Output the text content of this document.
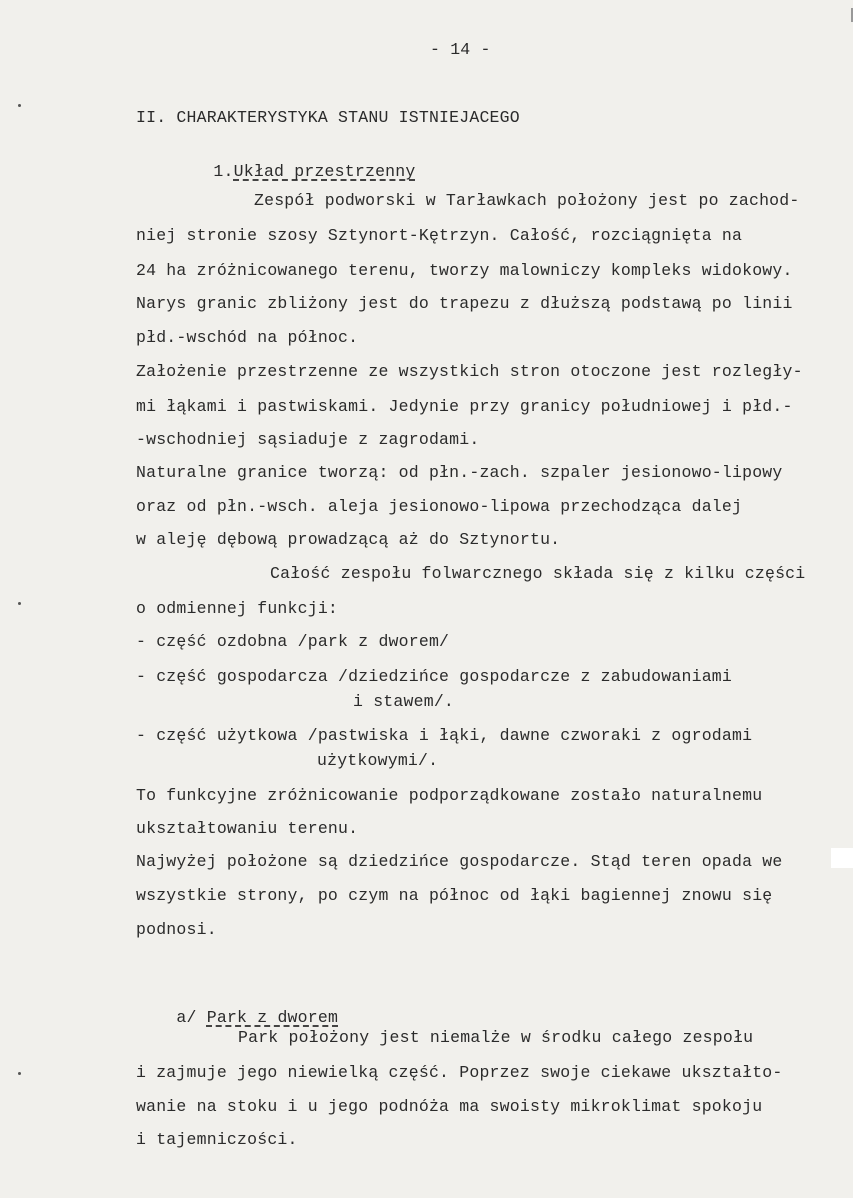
- 14 -
II. CHARAKTERYSTYKA STANU ISTNIEJACEGO

1.Układ przestrzenny

Zespół podworski w Tarławkach położony jest po zachod-
niej stronie szosy Sztynort-Kętrzyn. Całość, rozciągnięta na
24 ha zróżnicowanego terenu, tworzy malowniczy kompleks widokowy.
Narys granic zbliżony jest do trapezu z dłuższą podstawą po linii
płd.-wschód na północ.
Założenie przestrzenne ze wszystkich stron otoczone jest rozległy-
mi łąkami i pastwiskami. Jedynie przy granicy południowej i płd.-
-wschodniej sąsiaduje z zagrodami.
Naturalne granice tworzą: od płn.-zach. szpaler jesionowo-lipowy
oraz od płn.-wsch. aleja jesionowo-lipowa przechodząca dalej
w aleję dębową prowadzącą aż do Sztynortu.
Całość zespołu folwarcznego składa się z kilku części
o odmiennej funkcji:
- część ozdobna /park z dworem/
- część gospodarcza /dziedzińce gospodarcze z zabudowaniami
i stawem/.
- część użytkowa /pastwiska i łąki, dawne czworaki z ogrodami
użytkowymi/.
To funkcyjne zróżnicowanie podporządkowane zostało naturalnemu
ukształtowaniu terenu.
Najwyżej położone są dziedzińce gospodarcze. Stąd teren opada we
wszystkie strony, po czym na północ od łąki bagiennej znowu się
podnosi.

a/ Park z dworem

Park położony jest niemalże w środku całego zespołu
i zajmuje jego niewielką część. Poprzez swoje ciekawe ukształto-
wanie na stoku i u jego podnóża ma swoisty mikroklimat spokoju
i tajemniczości.
